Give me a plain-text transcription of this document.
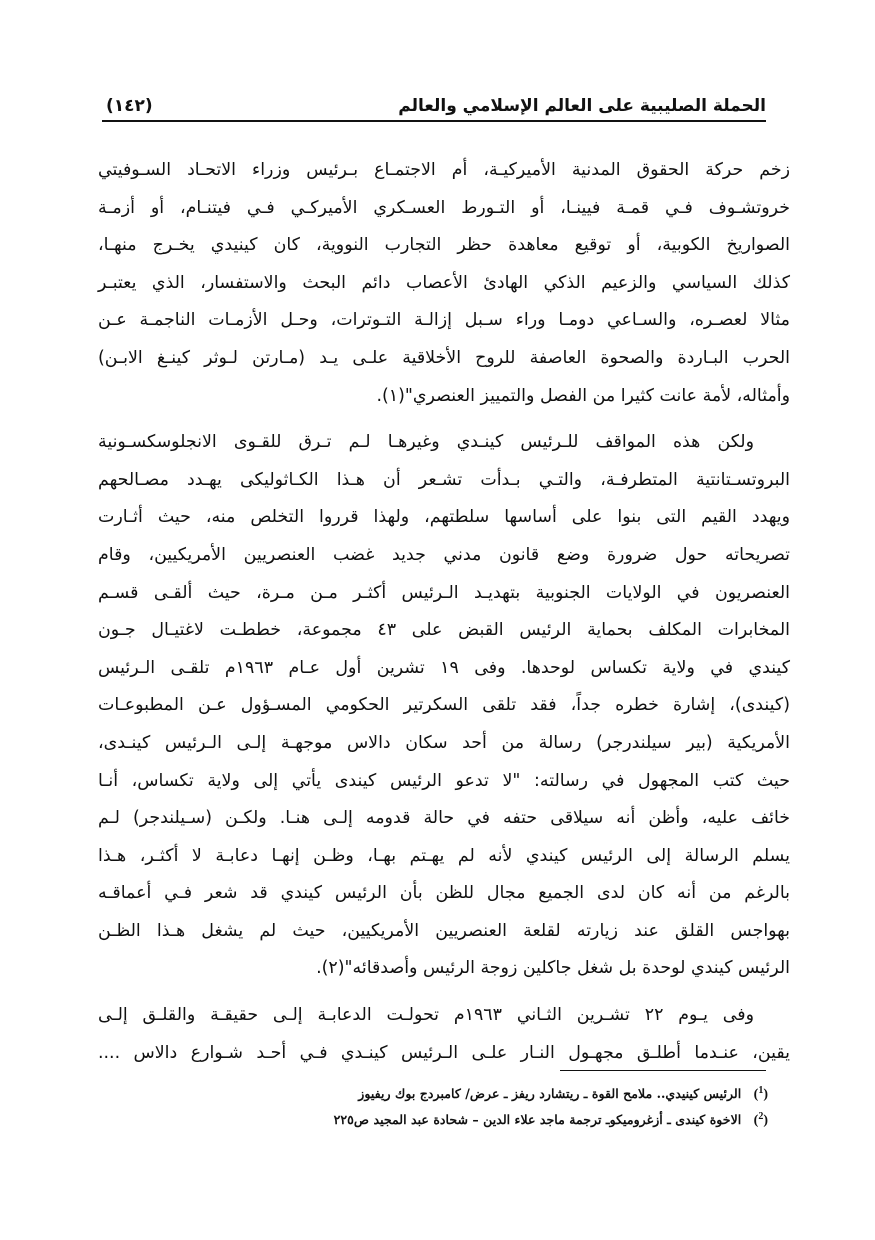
الحملة الصليبية على العالم الإسلامي والعالم
(١٤٢)

زخم حركة الحقوق المدنية الأميركيـة، أم الاجتمـاع بـرئيس وزراء الاتحـاد السـوفيتي
خروتشـوف فـي قمـة فيينـا، أو التـورط العسـكري الأميركـي فـي فيتنـام، أو أزمـة
الصواريخ الكوبية، أو توقيع معاهدة حظر التجارب النووية، كان كينيدي يخـرج منهـا،
كذلك السياسي والزعيم الذكي الهادئ الأعصاب دائم البحث والاستفسار، الذي يعتبـر
مثالا لعصـره، والسـاعي دومـا وراء سـبل إزالـة التـوترات، وحـل الأزمـات الناجمـة عـن
الحرب البـاردة والصحوة العاصفة للروح الأخلاقية علـى يـد (مـارتن لـوثر كينـغ الابـن)
وأمثاله، لأمة عانت كثيرا من الفصل والتمييز العنصري"(١).

ولكن هذه المواقف للـرئيس كينـدي وغيرهـا لـم تـرق للقـوى الانجلوسكسـونية
البروتسـتانتية المتطرفـة، والتـي بـدأت تشـعر أن هـذا الكـاثوليكى يهـدد مصـالحهم
ويهدد القيم التى بنوا على أساسها سلطتهم، ولهذا قرروا التخلص منه، حيث أثـارت
تصريحاته حول ضرورة وضع قانون مدني جديد غضب العنصريين الأمريكيين، وقام
العنصريون في الولايات الجنوبية بتهديـد الـرئيس أكثـر مـن مـرة، حيث ألقـى قسـم
المخابرات المكلف بحماية الرئيس القبض على ٤٣ مجموعة، خططـت لاغتيـال جـون
كيندي في ولاية تكساس لوحدها. وفى ١٩ تشرين أول عـام ١٩٦٣م تلقـى الـرئيس
(كيندى)، إشارة خطره جداً، فقد تلقى السكرتير الحكومي المسـؤول عـن المطبوعـات
الأمريكية (بير سيلندرجر) رسالة من أحد سكان دالاس موجهـة إلـى الـرئيس كينـدى،
حيث كتب المجهول في رسالته: "لا تدعو الرئيس كيندى يأتي إلى ولاية تكساس، أنـا
خائف عليه، وأظن أنه سيلاقى حتفه في حالة قدومه إلـى هنـا. ولكـن (سـيلندجر) لـم
يسلم الرسالة إلى الرئيس كيندي لأنه لم يهـتم بهـا، وظـن إنهـا دعابـة لا أكثـر، هـذا
بالرغم من أنه كان لدى الجميع مجال للظن بأن الرئيس كيندي قد شعر فـي أعماقـه
بهواجس القلق عند زيارته لقلعة العنصريين الأمريكيين، حيث لم يشغل هـذا الظـن
الرئيس كيندي لوحدة بل شغل جاكلين زوجة الرئيس وأصدقائه"(٢).

وفى يـوم ٢٢ تشـرين الثـاني ١٩٦٣م تحولـت الدعابـة إلـى حقيقـة والقلـق إلـى
يقين، عنـدما أطلـق مجهـول النـار علـى الـرئيس كينـدي فـي أحـد شـوارع دالاس ....

($^1$) الرئيس كينيدي.. ملامح القوة ـ ريتشارد ريفز ـ عرض/ كامبردج بوك ريفيوز
($^2$) الاخوة كيندى ـ أزغروميكوـ ترجمة ماجد علاء الدين – شحادة عبد المجيد ص٢٢٥
